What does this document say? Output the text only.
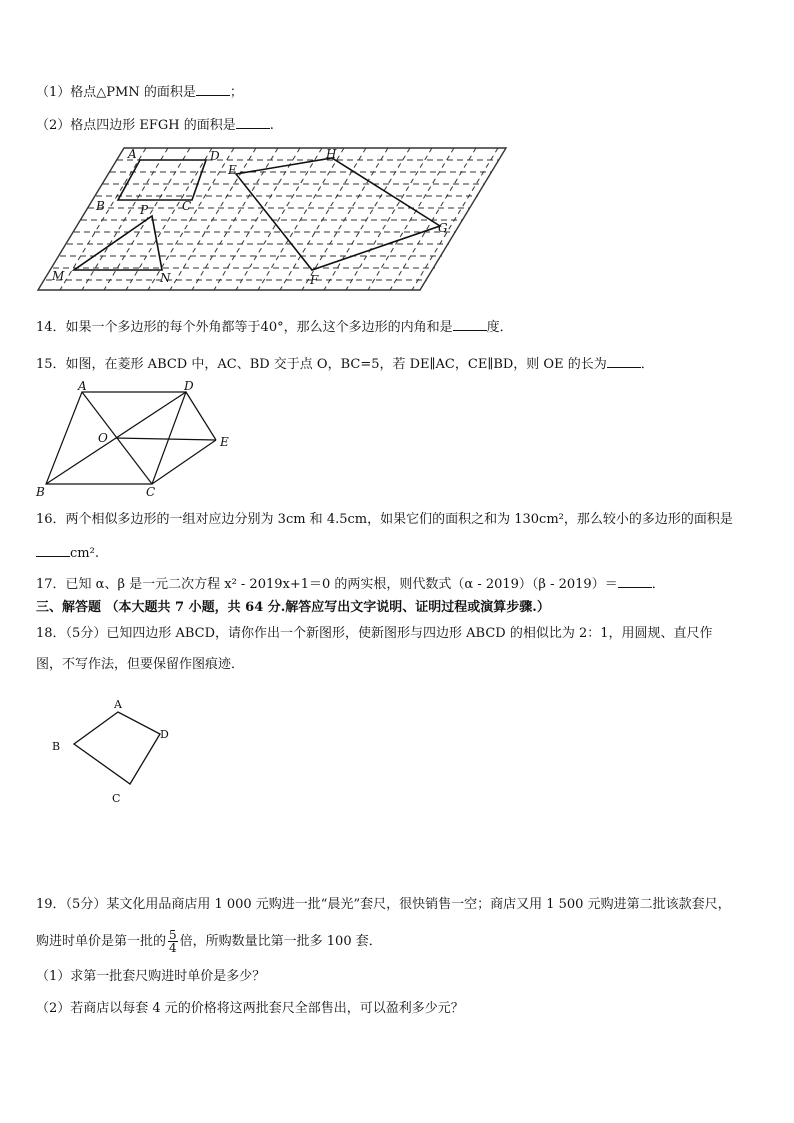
（1）格点△PMN 的面积是	；
（2）格点四边形 EFGH 的面积是	.
A	D
B	C
E
H
G
F
P
M	N
14．如果一个多边形的每个外角都等于40°，那么这个多边形的内角和是	度．
15．如图，在菱形 ABCD 中，AC、BD 交于点 O，BC=5，若 DE∥AC，CE∥BD，则 OE 的长为	．
A	D
O	E
B	C
16．两个相似多边形的一组对应边分别为 3cm 和 4.5cm，如果它们的面积之和为 130cm²，那么较小的多边形的面积是
cm².
17．已知 α、β 是一元二次方程 x² - 2019x+1＝0 的两实根，则代数式（α - 2019）（β - 2019）＝	．
三、解答题 （本大题共 7 小题，共 64 分.解答应写出文字说明、证明过程或演算步骤.）
18．（5分）已知四边形 ABCD，请你作出一个新图形，使新图形与四边形 ABCD 的相似比为 2：1，用圆规、直尺作
图，不写作法，但要保留作图痕迹．
A
B
D
C
19．（5分）某文化用品商店用 1 000 元购进一批“晨光”套尺，很快销售一空；商店又用 1 500 元购进第二批该款套尺，
购进时单价是第一批的 $\frac{5}{4}$ 倍，所购数量比第一批多 100 套．
（1）求第一批套尺购进时单价是多少？
（2）若商店以每套 4 元的价格将这两批套尺全部售出，可以盈利多少元？
